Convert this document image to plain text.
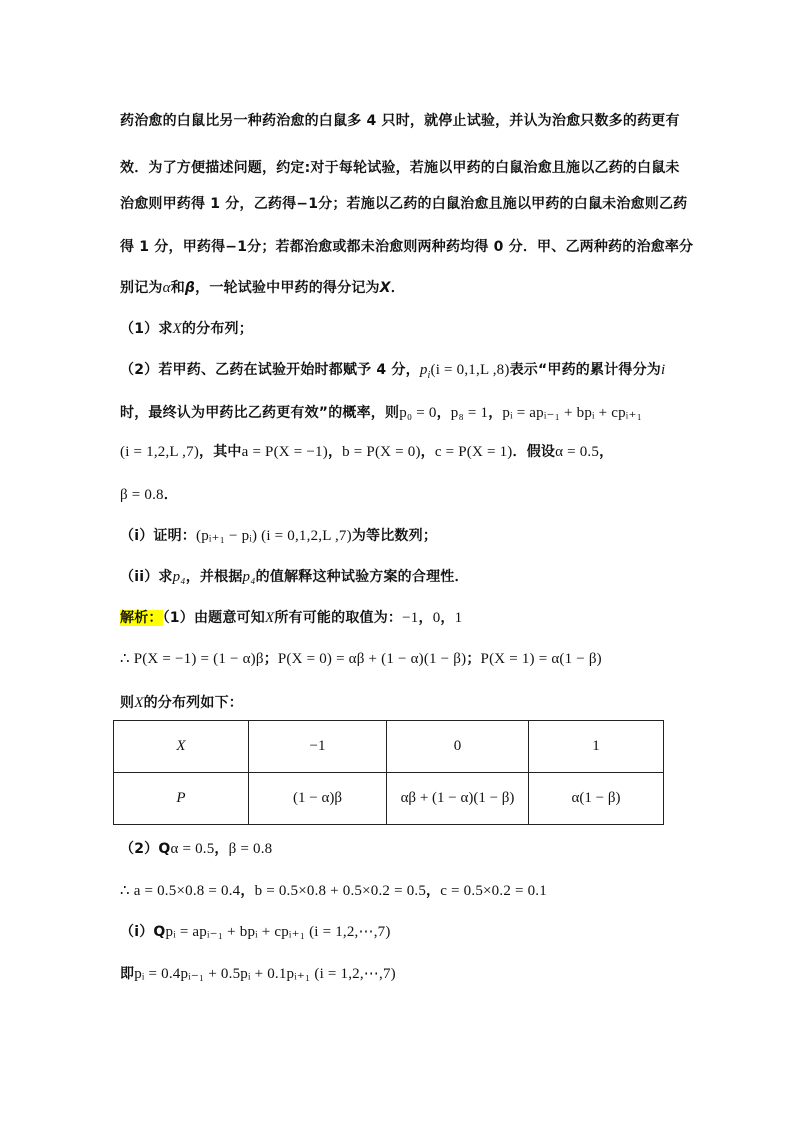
药治愈的白鼠比另一种药治愈的白鼠多 4 只时，就停止试验，并认为治愈只数多的药更有
效．为了方便描述问题，约定:对于每轮试验，若施以甲药的白鼠治愈且施以乙药的白鼠未
治愈则甲药得 1 分，乙药得−1分；若施以乙药的白鼠治愈且施以甲药的白鼠未治愈则乙药
得 1 分，甲药得−1分；若都治愈或都未治愈则两种药均得 0 分．甲、乙两种药的治愈率分
别记为α和β，一轮试验中甲药的得分记为X．
（1）求X的分布列；
（2）若甲药、乙药在试验开始时都赋予 4 分，$p_i(i = 0,1,L$ ,8)表示“甲药的累计得分为i
时，最终认为甲药比乙药更有效”的概率，则p₀ = 0，p₈ = 1，pᵢ = apᵢ₋₁ + bpᵢ + cpᵢ₊₁
(i = 1,2,L ,7)，其中a = P(X = −1)，b = P(X = 0)，c = P(X = 1)．假设α = 0.5，
β = 0.8．
（i）证明：(pᵢ₊₁ − pᵢ) (i = 0,1,2,L ,7)为等比数列；
（ii）求p₄，并根据p₄的值解释这种试验方案的合理性．
解析：（1）由题意可知X所有可能的取值为：−1，0，1
∴ P(X = −1) = (1 − α)β；P(X = 0) = αβ + (1 − α)(1 − β)；P(X = 1) = α(1 − β)
则X的分布列如下：
X	−1	0	1
P	(1 − α)β	αβ + (1 − α)(1 − β)	α(1 − β)
（2）Qα = 0.5，β = 0.8
∴ a = 0.5×0.8 = 0.4，b = 0.5×0.8 + 0.5×0.2 = 0.5，c = 0.5×0.2 = 0.1
（i）Qpᵢ = apᵢ₋₁ + bpᵢ + cpᵢ₊₁ (i = 1,2,⋯,7)
即pᵢ = 0.4pᵢ₋₁ + 0.5pᵢ + 0.1pᵢ₊₁ (i = 1,2,⋯,7)
